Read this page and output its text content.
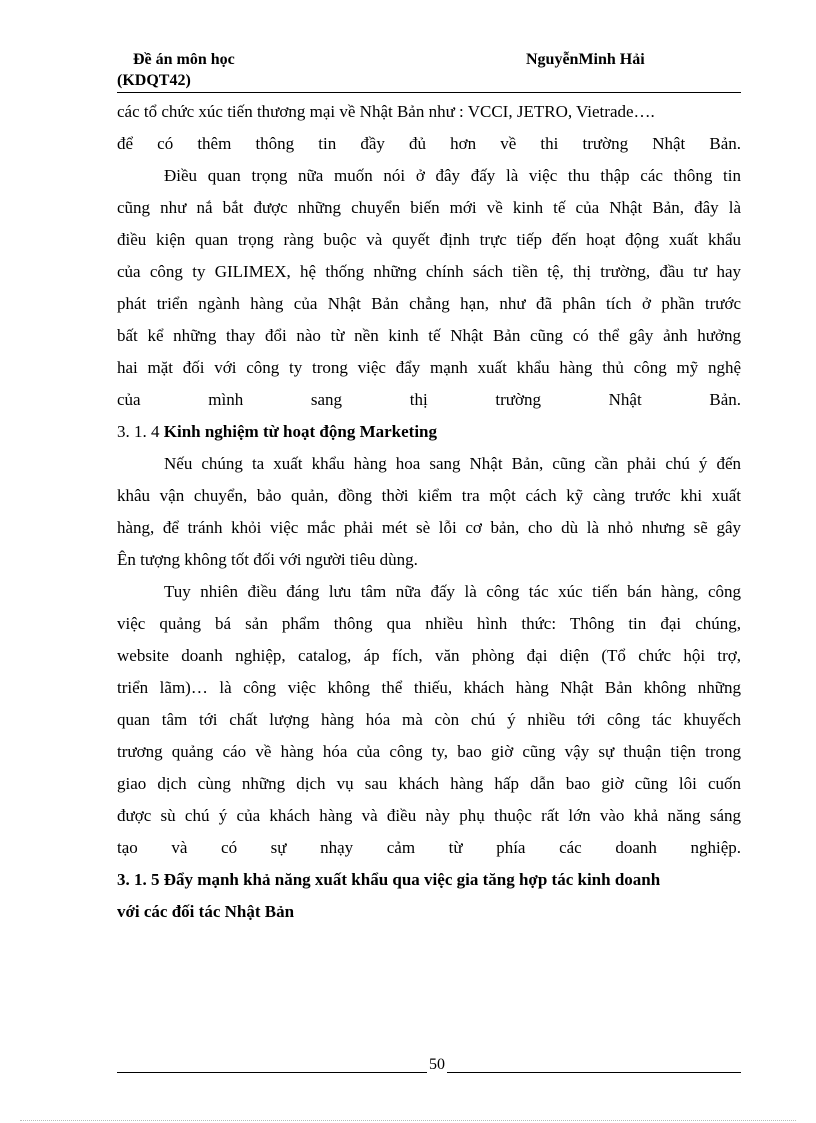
Đề án môn học
(KDQT42)
NguyễnMinh Hải
các tổ chức xúc tiến thương mại về Nhật Bản như : VCCI, JETRO, Vietrade….
để có thêm thông tin đầy đủ hơn về thi trường Nhật Bản.
Điều quan trọng nữa muốn nói ở đây đấy là việc thu thập các thông tin
cũng như nắ bắt được những chuyển biến mới về kinh tế của Nhật Bản, đây là
điều kiện quan trọng ràng buộc và quyết định trực tiếp đến hoạt động xuất khẩu
của công ty GILIMEX, hệ thống những chính sách tiền tệ, thị trường, đầu tư hay
phát triển ngành hàng của Nhật Bản chẳng hạn, như đã phân tích ở phần trước
bất kể những thay đổi nào từ nền kinh tế Nhật Bản cũng có thể gây ảnh hưởng
hai mặt đối với công ty trong việc đẩy mạnh xuất khẩu hàng thủ công mỹ nghệ
của mình sang thị trường Nhật Bản.
3. 1. 4 Kinh nghiệm từ hoạt động Marketing
Nếu chúng ta xuất khẩu hàng hoa sang Nhật Bản, cũng cần phải chú ý đến
khâu vận chuyển, bảo quản, đồng thời kiểm tra một cách kỹ càng trước khi xuất
hàng, để tránh khỏi việc mắc phải mét sè lỗi cơ bản, cho dù là nhỏ nhưng sẽ gây
Ên tượng không tốt đối với người tiêu dùng.
Tuy nhiên điều đáng lưu tâm nữa đấy là công tác xúc tiến bán hàng, công
việc quảng bá sản phẩm thông qua nhiều hình thức: Thông tin đại chúng,
website doanh nghiệp, catalog, áp fích, văn phòng đại diện (Tổ chức hội trợ,
triển lãm)… là công việc không thể thiếu, khách hàng Nhật Bản không những
quan tâm tới chất lượng hàng hóa mà còn chú ý nhiều tới công tác khuyếch
trương quảng cáo về hàng hóa của công ty, bao giờ cũng vậy sự thuận tiện trong
giao dịch cùng những dịch vụ sau khách hàng hấp dẫn bao giờ cũng lôi cuốn
được sù chú ý của khách hàng và điều này phụ thuộc rất lớn vào khả năng sáng
tạo và có sự nhạy cảm từ phía các doanh nghiệp.
3. 1. 5 Đẩy mạnh khả năng xuất khẩu qua việc gia tăng hợp tác kinh doanh
với các đối tác Nhật Bản
50
